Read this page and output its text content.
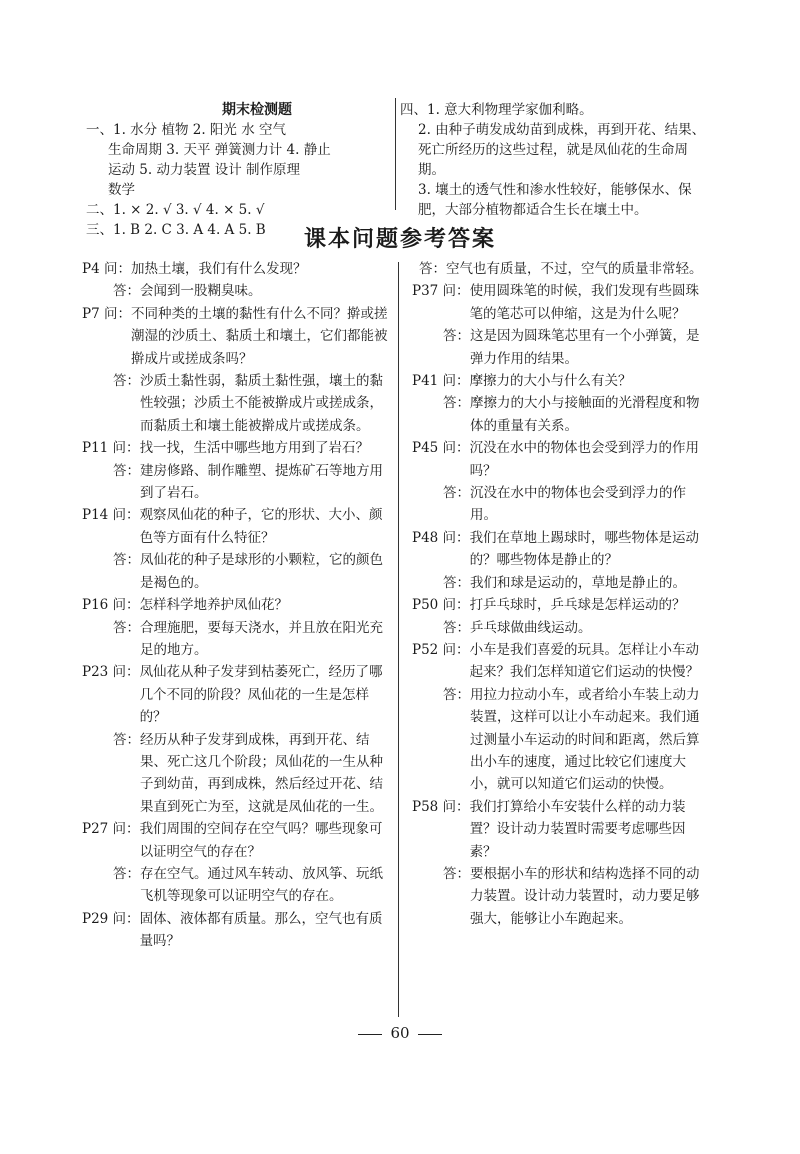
期末检测题
一、1. 水分 植物 2. 阳光 水 空气
生命周期 3. 天平 弹簧测力计 4. 静止
运动 5. 动力装置 设计 制作原理
数学
二、1. × 2. √ 3. √ 4. × 5. √
三、1. B 2. C 3. A 4. A 5. B
四、 1. 意大利物理学家伽利略。
2. 由种子萌发成幼苗到成株，再到开花、结果、死亡所经历的这些过程，就是凤仙花的生命周期。
3. 壤土的透气性和渗水性较好，能够保水、保肥，大部分植物都适合生长在壤土中。
课本问题参考答案
P4 问： 加热土壤，我们有什么发现？
答： 会闻到一股糊臭味。
P7 问： 不同种类的土壤的黏性有什么不同？擀或搓潮湿的沙质土、黏质土和壤土，它们都能被擀成片或搓成条吗？
答： 沙质土黏性弱，黏质土黏性强，壤土的黏性较强；沙质土不能被擀成片或搓成条，而黏质土和壤土能被擀成片或搓成条。
P11 问： 找一找，生活中哪些地方用到了岩石？
答： 建房修路、制作雕塑、提炼矿石等地方用到了岩石。
P14 问： 观察凤仙花的种子，它的形状、大小、颜色等方面有什么特征？
答： 凤仙花的种子是球形的小颗粒，它的颜色是褐色的。
P16 问： 怎样科学地养护凤仙花？
答： 合理施肥，要每天浇水，并且放在阳光充足的地方。
P23 问： 凤仙花从种子发芽到枯萎死亡，经历了哪几个不同的阶段？凤仙花的一生是怎样的？
答： 经历从种子发芽到成株，再到开花、结果、死亡这几个阶段；凤仙花的一生从种子到幼苗，再到成株，然后经过开花、结果直到死亡为至，这就是凤仙花的一生。
P27 问： 我们周围的空间存在空气吗？哪些现象可以证明空气的存在？
答： 存在空气。通过风车转动、放风筝、玩纸飞机等现象可以证明空气的存在。
P29 问： 固体、液体都有质量。那么，空气也有质量吗？
答： 空气也有质量，不过，空气的质量非常轻。
P37 问： 使用圆珠笔的时候，我们发现有些圆珠笔的笔芯可以伸缩，这是为什么呢？
答： 这是因为圆珠笔芯里有一个小弹簧，是弹力作用的结果。
P41 问： 摩擦力的大小与什么有关？
答： 摩擦力的大小与接触面的光滑程度和物体的重量有关系。
P45 问： 沉没在水中的物体也会受到浮力的作用吗？
答： 沉没在水中的物体也会受到浮力的作用。
P48 问： 我们在草地上踢球时，哪些物体是运动的？哪些物体是静止的？
答： 我们和球是运动的，草地是静止的。
P50 问： 打乒乓球时，乒乓球是怎样运动的？
答： 乒乓球做曲线运动。
P52 问： 小车是我们喜爱的玩具。怎样让小车动起来？我们怎样知道它们运动的快慢？
答： 用拉力拉动小车，或者给小车装上动力装置，这样可以让小车动起来。我们通过测量小车运动的时间和距离，然后算出小车的速度，通过比较它们速度大小，就可以知道它们运动的快慢。
P58 问： 我们打算给小车安装什么样的动力装置？设计动力装置时需要考虑哪些因素？
答： 要根据小车的形状和结构选择不同的动力装置。设计动力装置时，动力要足够强大，能够让小车跑起来。
60
